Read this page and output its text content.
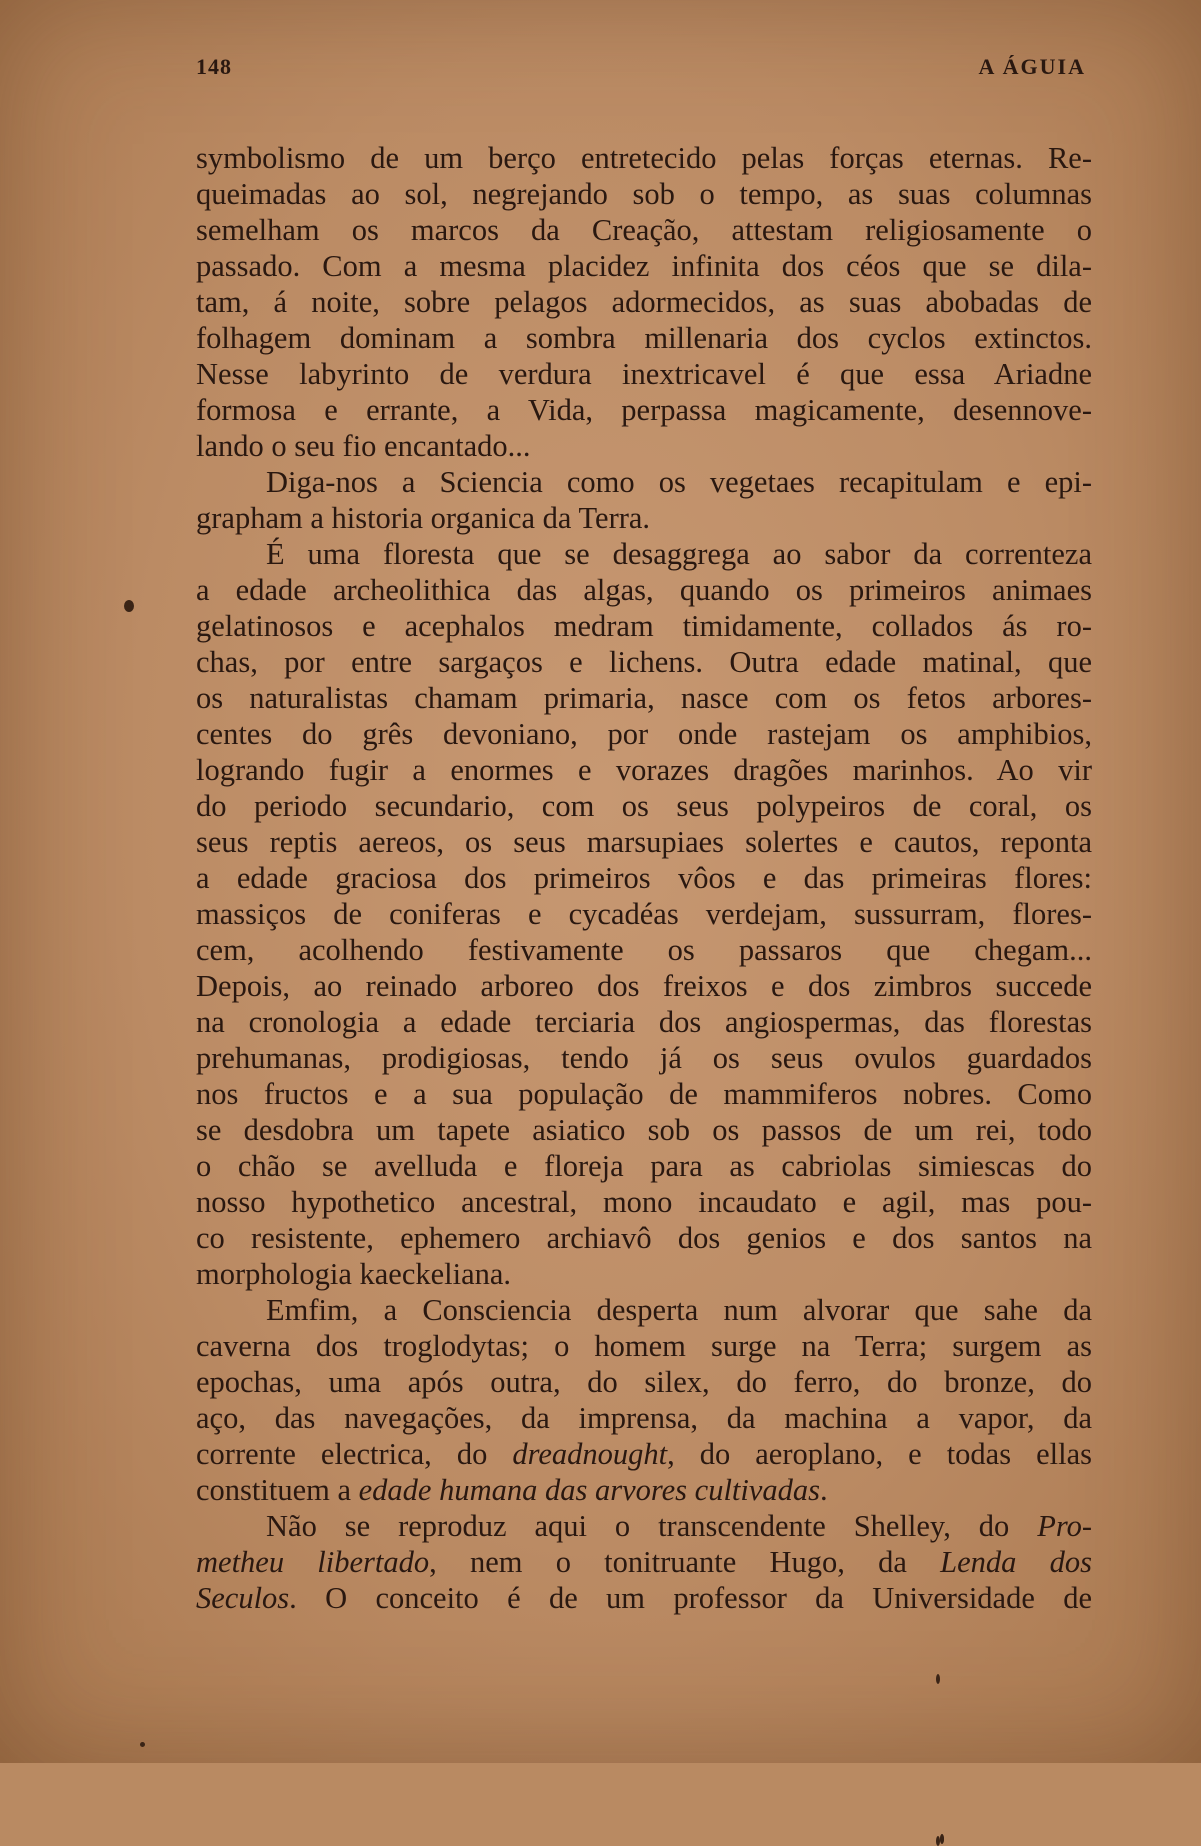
148	A ÁGUIA
symbolismo de um berço entretecido pelas forças eternas. Re-
queimadas ao sol, negrejando sob o tempo, as suas columnas
semelham os marcos da Creação, attestam religiosamente o
passado. Com a mesma placidez infinita dos céos que se dila-
tam, á noite, sobre pelagos adormecidos, as suas abobadas de
folhagem dominam a sombra millenaria dos cyclos extinctos.
Nesse labyrinto de verdura inextricavel é que essa Ariadne
formosa e errante, a Vida, perpassa magicamente, desennove-
lando o seu fio encantado...
Diga-nos a Sciencia como os vegetaes recapitulam e epi-
grapham a historia organica da Terra.
É uma floresta que se desaggrega ao sabor da correnteza
a edade archeolithica das algas, quando os primeiros animaes
gelatinosos e acephalos medram timidamente, collados ás ro-
chas, por entre sargaços e lichens. Outra edade matinal, que
os naturalistas chamam primaria, nasce com os fetos arbores-
centes do grês devoniano, por onde rastejam os amphibios,
logrando fugir a enormes e vorazes dragões marinhos. Ao vir
do periodo secundario, com os seus polypeiros de coral, os
seus reptis aereos, os seus marsupiaes solertes e cautos, reponta
a edade graciosa dos primeiros vôos e das primeiras flores:
massiços de coniferas e cycadéas verdejam, sussurram, flores-
cem, acolhendo festivamente os passaros que chegam...
Depois, ao reinado arboreo dos freixos e dos zimbros succede
na cronologia a edade terciaria dos angiospermas, das florestas
prehumanas, prodigiosas, tendo já os seus ovulos guardados
nos fructos e a sua população de mammiferos nobres. Como
se desdobra um tapete asiatico sob os passos de um rei, todo
o chão se avelluda e floreja para as cabriolas simiescas do
nosso hypothetico ancestral, mono incaudato e agil, mas pou-
co resistente, ephemero archiavô dos genios e dos santos na
morphologia kaeckeliana.
Emfim, a Consciencia desperta num alvorar que sahe da
caverna dos troglodytas; o homem surge na Terra; surgem as
epochas, uma após outra, do silex, do ferro, do bronze, do
aço, das navegações, da imprensa, da machina a vapor, da
corrente electrica, do dreadnought, do aeroplano, e todas ellas
constituem a edade humana das arvores cultivadas.
Não se reproduz aqui o transcendente Shelley, do Pro-
metheu libertado, nem o tonitruante Hugo, da Lenda dos
Seculos. O conceito é de um professor da Universidade de
